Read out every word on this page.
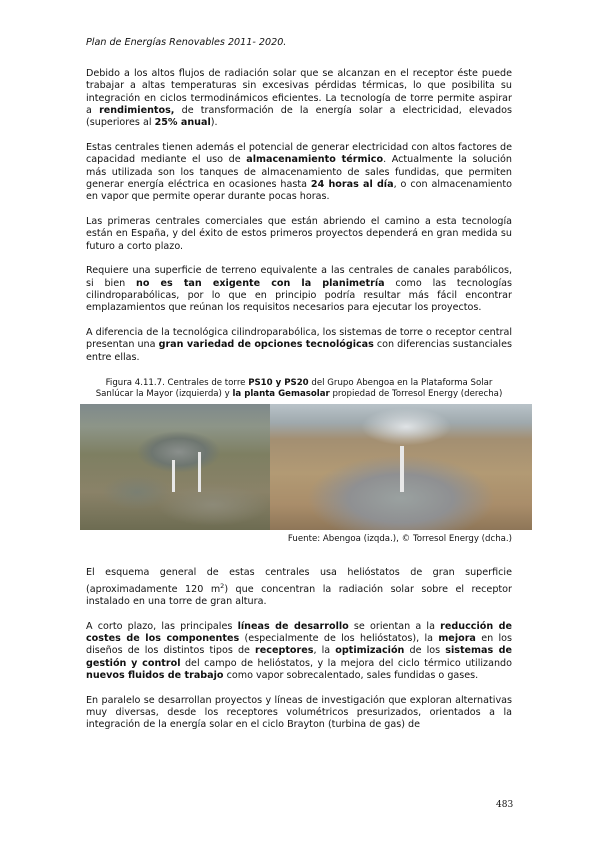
Plan de Energías Renovables 2011- 2020.

Debido a los altos flujos de radiación solar que se alcanzan en el receptor éste puede trabajar a altas temperaturas sin excesivas pérdidas térmicas, lo que posibilita su integración en ciclos termodinámicos eficientes. La tecnología de torre permite aspirar a rendimientos, de transformación de la energía solar a electricidad, elevados (superiores al 25% anual).

Estas centrales tienen además el potencial de generar electricidad con altos factores de capacidad mediante el uso de almacenamiento térmico. Actualmente la solución más utilizada son los tanques de almacenamiento de sales fundidas, que permiten generar energía eléctrica en ocasiones hasta 24 horas al día, o con almacenamiento en vapor que permite operar durante pocas horas.

Las primeras centrales comerciales que están abriendo el camino a esta tecnología están en España, y del éxito de estos primeros proyectos dependerá en gran medida su futuro a corto plazo.

Requiere una superficie de terreno equivalente a las centrales de canales parabólicos, si bien no es tan exigente con la planimetría como las tecnologías cilindroparabólicas, por lo que en principio podría resultar más fácil encontrar emplazamientos que reúnan los requisitos necesarios para ejecutar los proyectos.

A diferencia de la tecnológica cilindroparabólica, los sistemas de torre o receptor central presentan una gran variedad de opciones tecnológicas con diferencias sustanciales entre ellas.

Figura 4.11.7. Centrales de torre PS10 y PS20 del Grupo Abengoa en la Plataforma Solar Sanlúcar la Mayor (izquierda) y la planta Gemasolar propiedad de Torresol Energy (derecha)
Fuente: Abengoa (izqda.), © Torresol Energy (dcha.)

El esquema general de estas centrales usa helióstatos de gran superficie (aproximadamente 120 $m^2$) que concentran la radiación solar sobre el receptor instalado en una torre de gran altura.

A corto plazo, las principales líneas de desarrollo se orientan a la reducción de costes de los componentes (especialmente de los helióstatos), la mejora en los diseños de los distintos tipos de receptores, la optimización de los sistemas de gestión y control del campo de helióstatos, y la mejora del ciclo térmico utilizando nuevos fluidos de trabajo como vapor sobrecalentado, sales fundidas o gases.

En paralelo se desarrollan proyectos y líneas de investigación que exploran alternativas muy diversas, desde los receptores volumétricos presurizados, orientados a la integración de la energía solar en el ciclo Brayton (turbina de gas) de

483
